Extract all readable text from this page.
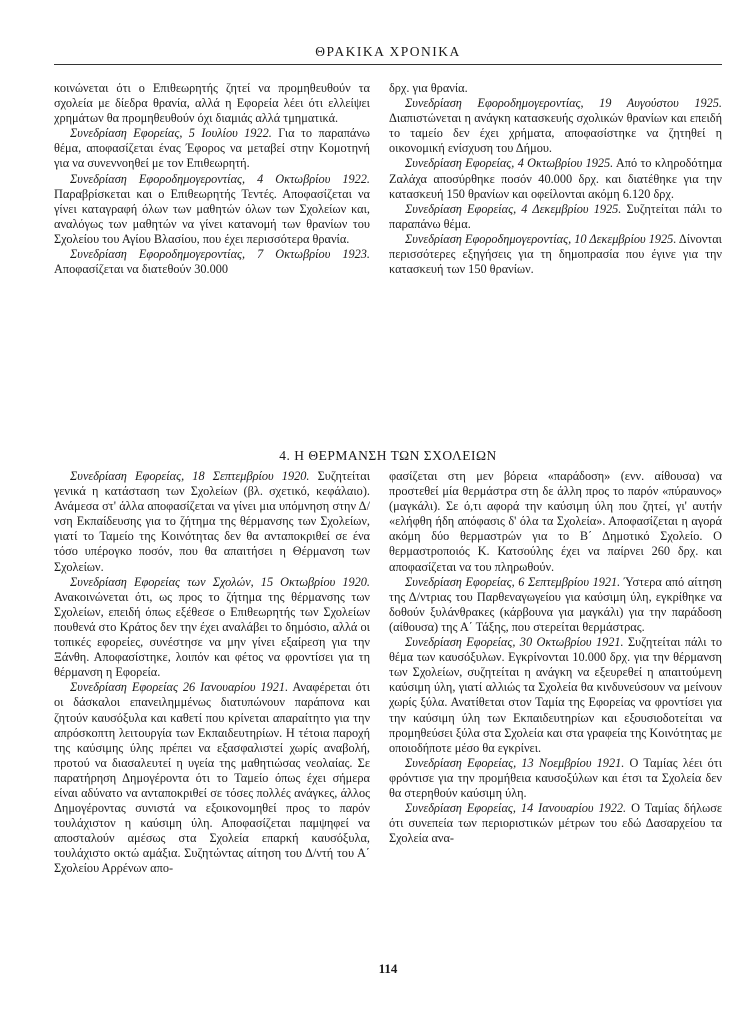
ΘΡΑΚΙΚΑ ΧΡΟΝΙΚΑ

κοινώνεται ότι ο Επιθεωρητής ζητεί να προμηθευθούν τα σχολεία με δίεδρα θρανία, αλλά η Εφορεία λέει ότι ελλείψει χρημάτων θα προμηθευθούν όχι διαμιάς αλλά τμηματικά.

Συνεδρίαση Εφορείας, 5 Ιουλίου 1922. Για το παραπάνω θέμα, αποφασίζεται ένας Έφορος να μεταβεί στην Κομοτηνή για να συνεννοηθεί με τον Επιθεωρητή.

Συνεδρίαση Εφοροδημογεροντίας, 4 Οκτωβρίου 1922. Παραβρίσκεται και ο Επιθεωρητής Τεντές. Αποφασίζεται να γίνει καταγραφή όλων των μαθητών όλων των Σχολείων και, αναλόγως των μαθητών να γίνει κατανομή των θρανίων του Σχολείου του Αγίου Βλασίου, που έχει περισσότερα θρανία.

Συνεδρίαση Εφοροδημογεροντίας, 7 Οκτωβρίου 1923. Αποφασίζεται να διατεθούν 30.000

δρχ. για θρανία.

Συνεδρίαση Εφοροδημογεροντίας, 19 Αυγούστου 1925. Διαπιστώνεται η ανάγκη κατασκευής σχολικών θρανίων και επειδή το ταμείο δεν έχει χρήματα, αποφασίστηκε να ζητηθεί η οικονομική ενίσχυση του Δήμου.

Συνεδρίαση Εφορείας, 4 Οκτωβρίου 1925. Από το κληροδότημα Ζαλάχα αποσύρθηκε ποσόν 40.000 δρχ. και διατέθηκε για την κατασκευή 150 θρανίων και οφείλονται ακόμη 6.120 δρχ.

Συνεδρίαση Εφορείας, 4 Δεκεμβρίου 1925. Συζητείται πάλι το παραπάνω θέμα.

Συνεδρίαση Εφοροδημογεροντίας, 10 Δεκεμβρίου 1925. Δίνονται περισσότερες εξηγήσεις για τη δημοπρασία που έγινε για την κατασκευή των 150 θρανίων.

4. Η ΘΕΡΜΑΝΣΗ ΤΩΝ ΣΧΟΛΕΙΩΝ

Συνεδρίαση Εφορείας, 18 Σεπτεμβρίου 1920. Συζητείται γενικά η κατάσταση των Σχολείων (βλ. σχετικό, κεφάλαιο). Ανάμεσα στ' άλλα αποφασίζεται να γίνει μια υπόμνηση στην Δ/νση Εκπαίδευσης για το ζήτημα της θέρμανσης των Σχολείων, γιατί το Ταμείο της Κοινότητας δεν θα ανταποκριθεί σε ένα τόσο υπέρογκο ποσόν, που θα απαιτήσει η Θέρμανση των Σχολείων.

Συνεδρίαση Εφορείας των Σχολών, 15 Οκτωβρίου 1920. Ανακοινώνεται ότι, ως προς το ζήτημα της θέρμανσης των Σχολείων, επειδή όπως εξέθεσε ο Επιθεωρητής των Σχολείων πουθενά στο Κράτος δεν την έχει αναλάβει το δημόσιο, αλλά οι τοπικές εφορείες, συνέστησε να μην γίνει εξαίρεση για την Ξάνθη. Αποφασίστηκε, λοιπόν και φέτος να φροντίσει για τη θέρμανση η Εφορεία.

Συνεδρίαση Εφορείας 26 Ιανουαρίου 1921. Αναφέρεται ότι οι δάσκαλοι επανειλημμένως διατυπώνουν παράπονα και ζητούν καυσόξυλα και καθετί που κρίνεται απαραίτητο για την απρόσκοπτη λειτουργία των Εκπαιδευτηρίων. Η τέτοια παροχή της καύσιμης ύλης πρέπει να εξασφαλιστεί χωρίς αναβολή, προτού να διασαλευτεί η υγεία της μαθητιώσας νεολαίας. Σε παρατήρηση Δημογέροντα ότι το Ταμείο όπως έχει σήμερα είναι αδύνατο να ανταποκριθεί σε τόσες πολλές ανάγκες, άλλος Δημογέροντας συνιστά να εξοικονομηθεί προς το παρόν τουλάχιστον η καύσιμη ύλη. Αποφασίζεται παμψηφεί να αποσταλούν αμέσως στα Σχολεία επαρκή καυσόξυλα, τουλάχιστο οκτώ αμάξια. Συζητώντας αίτηση του Δ/ντή του Α΄ Σχολείου Αρρένων απο-

φασίζεται στη μεν βόρεια «παράδοση» (ενν. αίθουσα) να προστεθεί μία θερμάστρα στη δε άλλη προς το παρόν «πύραυνος» (μαγκάλι). Σε ό,τι αφορά την καύσιμη ύλη που ζητεί, γι' αυτήν «ελήφθη ήδη απόφασις δ' όλα τα Σχολεία». Αποφασίζεται η αγορά ακόμη δύο θερμαστρών για το Β΄ Δημοτικό Σχολείο. Ο θερμαστροποιός Κ. Κατσούλης έχει να παίρνει 260 δρχ. και αποφασίζεται να του πληρωθούν.

Συνεδρίαση Εφορείας, 6 Σεπτεμβρίου 1921. Ύστερα από αίτηση της Δ/ντριας του Παρθεναγωγείου για καύσιμη ύλη, εγκρίθηκε να δοθούν ξυλάνθρακες (κάρβουνα για μαγκάλι) για την παράδοση (αίθουσα) της Α΄ Τάξης, που στερείται θερμάστρας.

Συνεδρίαση Εφορείας, 30 Οκτωβρίου 1921. Συζητείται πάλι το θέμα των καυσόξυλων. Εγκρίνονται 10.000 δρχ. για την θέρμανση των Σχολείων, συζητείται η ανάγκη να εξευρεθεί η απαιτούμενη καύσιμη ύλη, γιατί αλλιώς τα Σχολεία θα κινδυνεύσουν να μείνουν χωρίς ξύλα. Ανατίθεται στον Ταμία της Εφορείας να φροντίσει για την καύσιμη ύλη των Εκπαιδευτηρίων και εξουσιοδοτείται να προμηθεύσει ξύλα στα Σχολεία και στα γραφεία της Κοινότητας με οποιοδήποτε μέσο θα εγκρίνει.

Συνεδρίαση Εφορείας, 13 Νοεμβρίου 1921. Ο Ταμίας λέει ότι φρόντισε για την προμήθεια καυσοξύλων και έτσι τα Σχολεία δεν θα στερηθούν καύσιμη ύλη.

Συνεδρίαση Εφορείας, 14 Ιανουαρίου 1922. Ο Ταμίας δήλωσε ότι συνεπεία των περιοριστικών μέτρων του εδώ Δασαρχείου τα Σχολεία ανα-

114
